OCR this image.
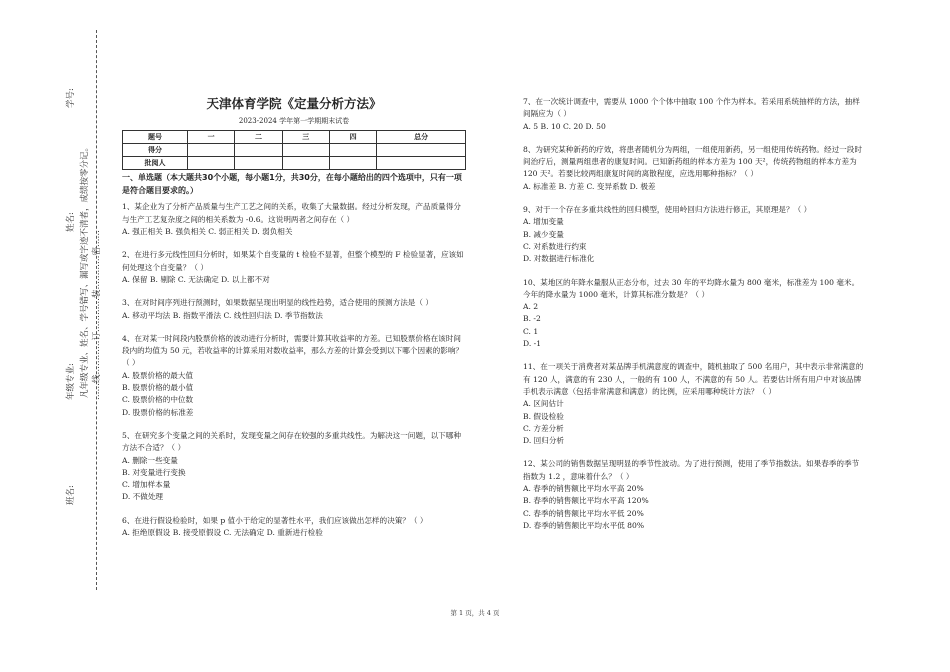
学号:
……线…………订…………装…………密……
凡年级专业、姓名、学号错写、漏写或字迹不清者，成绩按零分记。
姓名:
年级专业:
班名:
天津体育学院《定量分析方法》
2023-2024 学年第一学期期末试卷
题号	一	二	三	四	总分
得分					
批阅人					
一、单选题（本大题共30个小题，每小题1分，共30分，在每小题给出的四个选项中，只有一项是符合题目要求的。）

1、某企业为了分析产品质量与生产工艺之间的关系，收集了大量数据。经过分析发现，产品质量得分与生产工艺复杂度之间的相关系数为 -0.6。这说明两者之间存在（ ）

A. 强正相关 B. 强负相关 C. 弱正相关 D. 弱负相关

2、在进行多元线性回归分析时，如果某个自变量的 t 检验不显著，但整个模型的 F 检验显著，应该如何处理这个自变量？（ ）

A. 保留 B. 剔除 C. 无法确定 D. 以上都不对

3、在对时间序列进行预测时，如果数据呈现出明显的线性趋势，适合使用的预测方法是（ ）

A. 移动平均法 B. 指数平滑法 C. 线性回归法 D. 季节指数法

4、在对某一时间段内股票价格的波动进行分析时，需要计算其收益率的方差。已知股票价格在该时间段内的均值为 50 元，若收益率的计算采用对数收益率，那么方差的计算会受到以下哪个因素的影响？（ ）

A. 股票价格的最大值

B. 股票价格的最小值

C. 股票价格的中位数

D. 股票价格的标准差

5、在研究多个变量之间的关系时，发现变量之间存在较强的多重共线性。为解决这一问题，以下哪种方法不合适？（ ）

A. 删除一些变量

B. 对变量进行变换

C. 增加样本量

D. 不做处理

6、在进行假设检验时，如果 p 值小于给定的显著性水平，我们应该做出怎样的决策？（ ）

A. 拒绝原假设 B. 接受原假设 C. 无法确定 D. 重新进行检验

7、在一次统计调查中，需要从 1000 个个体中抽取 100 个作为样本。若采用系统抽样的方法，抽样间隔应为（ ）

A. 5 B. 10 C. 20 D. 50

8、为研究某种新药的疗效，将患者随机分为两组，一组使用新药，另一组使用传统药物。经过一段时间治疗后，测量两组患者的康复时间。已知新药组的样本方差为 100 天²，传统药物组的样本方差为 120 天²。若要比较两组康复时间的离散程度，应选用哪种指标？（ ）

A. 标准差 B. 方差 C. 变异系数 D. 极差

9、对于一个存在多重共线性的回归模型，使用岭回归方法进行修正，其原理是？（ ）

A. 增加变量

B. 减少变量

C. 对系数进行约束

D. 对数据进行标准化

10、某地区的年降水量服从正态分布，过去 30 年的平均降水量为 800 毫米，标准差为 100 毫米。今年的降水量为 1000 毫米，计算其标准分数是？（ ）

A. 2

B. -2

C. 1

D. -1

11、在一项关于消费者对某品牌手机满意度的调查中，随机抽取了 500 名用户，其中表示非常满意的有 120 人，满意的有 230 人，一般的有 100 人，不满意的有 50 人。若要估计所有用户中对该品牌手机表示满意（包括非常满意和满意）的比例，应采用哪种统计方法？（ ）

A. 区间估计

B. 假设检验

C. 方差分析

D. 回归分析

12、某公司的销售数据呈现明显的季节性波动。为了进行预测，使用了季节指数法。如果春季的季节指数为 1.2 ，意味着什么？（ ）

A. 春季的销售额比平均水平高 20%

B. 春季的销售额比平均水平高 120%

C. 春季的销售额比平均水平低 20%

D. 春季的销售额比平均水平低 80%

第 1 页，共 4 页
